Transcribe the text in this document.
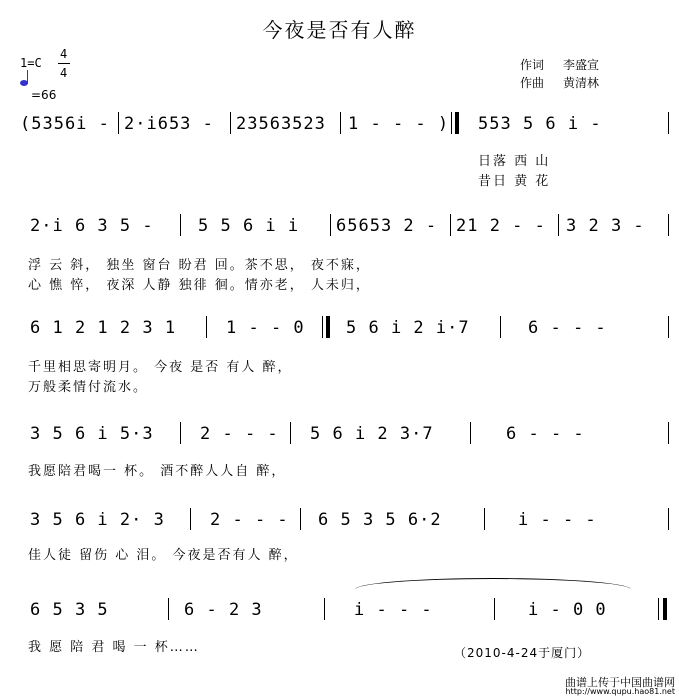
今夜是否有人醉
1=C
4
4
=66
作词 李盛宣
作曲 黄清林
(5356i - 2·i653 - 23563523 1 - - - ) 553 5 6 i -
日落 西 山
昔日 黄 花
2·i 6 3 5 -	5 5 6 i i 65653 2 - 21 2 - - 3 2 3 -
浮 云 斜， 独坐 窗台 盼君 回。茶不思， 夜不寐，
心 憔 悴， 夜深 人静 独徘 徊。情亦老， 人未归，
6 1 2 1 2 3 1	1 - - 0 5 6 i 2 i·7	6 - - -
千里相思寄明月。 今夜 是否 有人 醉，
万般柔情付流水。
3 5 6 i 5·3	2 - - - 5 6 i 2 3·7	6 - - -
我愿陪君喝一 杯。 酒不醉人人自 醉，
3 5 6 i 2· 3	2 - - - 6 5 3 5 6·2	i - - -
佳人徒 留伤 心 泪。 今夜是否有人 醉，
6 5 3 5	6 - 2 3	i - - -	i - 0 0
我 愿 陪 君 喝 一 杯……	（2010-4-24于厦门）
曲谱上传于中国曲谱网
http://www.qupu.hao81.net
